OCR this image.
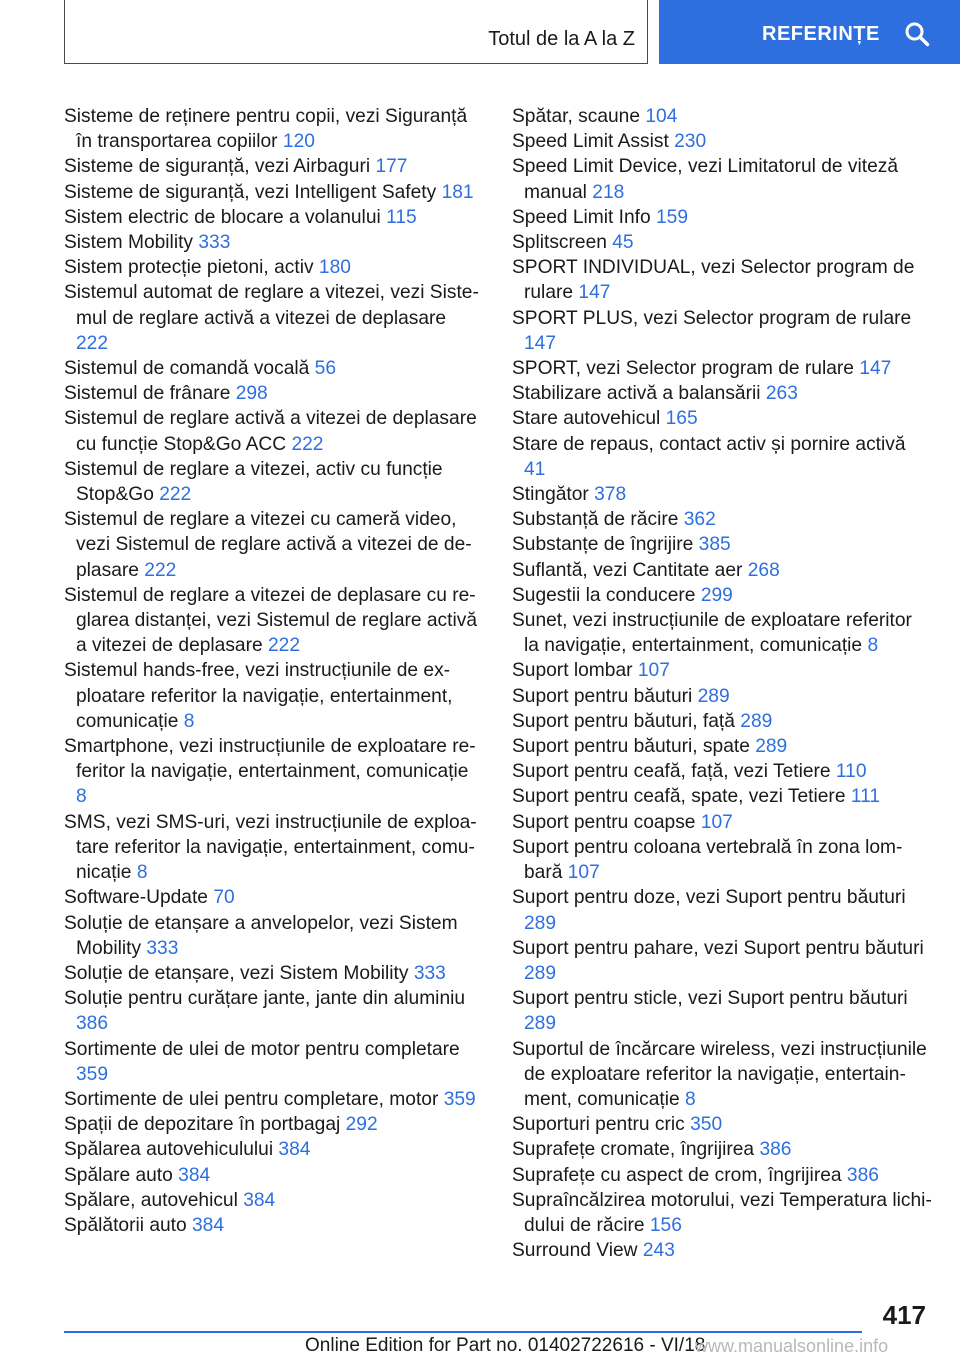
Totul de la A la Z	REFERINȚE

Sisteme de reținere pentru copii, vezi Siguranță în transportarea copiilor 120

Sisteme de siguranță, vezi Airbaguri 177

Sisteme de siguranță, vezi Intelligent Safety 181

Sistem electric de blocare a volanului 115

Sistem Mobility 333

Sistem protecție pietoni, activ 180

Sistemul automat de reglare a vitezei, vezi Sistemul de reglare activă a vitezei de deplasare 222

Sistemul de comandă vocală 56

Sistemul de frânare 298

Sistemul de reglare activă a vitezei de deplasare cu funcție Stop&Go ACC 222

Sistemul de reglare a vitezei, activ cu funcție Stop&Go 222

Sistemul de reglare a vitezei cu cameră video, vezi Sistemul de reglare activă a vitezei de deplasare 222

Sistemul de reglare a vitezei de deplasare cu reglarea distanței, vezi Sistemul de reglare activă a vitezei de deplasare 222

Sistemul hands-free, vezi instrucțiunile de exploatare referitor la navigație, entertainment, comunicație 8

Smartphone, vezi instrucțiunile de exploatare referitor la navigație, entertainment, comunicație 8

SMS, vezi SMS-uri, vezi instrucțiunile de exploatare referitor la navigație, entertainment, comunicație 8

Software-Update 70

Soluție de etanșare a anvelopelor, vezi Sistem Mobility 333

Soluție de etanșare, vezi Sistem Mobility 333

Soluție pentru curățare jante, jante din aluminiu 386

Sortimente de ulei de motor pentru completare 359

Sortimente de ulei pentru completare, motor 359

Spații de depozitare în portbagaj 292

Spălarea autovehiculului 384

Spălare auto 384

Spălare, autovehicul 384

Spălătorii auto 384

Spătar, scaune 104

Speed Limit Assist 230

Speed Limit Device, vezi Limitatorul de viteză manual 218

Speed Limit Info 159

Splitscreen 45

SPORT INDIVIDUAL, vezi Selector program de rulare 147

SPORT PLUS, vezi Selector program de rulare 147

SPORT, vezi Selector program de rulare 147

Stabilizare activă a balansării 263

Stare autovehicul 165

Stare de repaus, contact activ și pornire activă 41

Stingător 378

Substanță de răcire 362

Substanțe de îngrijire 385

Suflantă, vezi Cantitate aer 268

Sugestii la conducere 299

Sunet, vezi instrucțiunile de exploatare referitor la navigație, entertainment, comunicație 8

Suport lombar 107

Suport pentru băuturi 289

Suport pentru băuturi, față 289

Suport pentru băuturi, spate 289

Suport pentru ceafă, față, vezi Tetiere 110

Suport pentru ceafă, spate, vezi Tetiere 111

Suport pentru coapse 107

Suport pentru coloana vertebrală în zona lombară 107

Suport pentru doze, vezi Suport pentru băuturi 289

Suport pentru pahare, vezi Suport pentru băuturi 289

Suport pentru sticle, vezi Suport pentru băuturi 289

Suportul de încărcare wireless, vezi instrucțiunile de exploatare referitor la navigație, entertainment, comunicație 8

Suporturi pentru cric 350

Suprafețe cromate, îngrijirea 386

Suprafețe cu aspect de crom, îngrijirea 386

Supraîncălzirea motorului, vezi Temperatura lichidului de răcire 156

Surround View 243

417
Online Edition for Part no. 01402722616 - VI/18
www.manualsonline.info
